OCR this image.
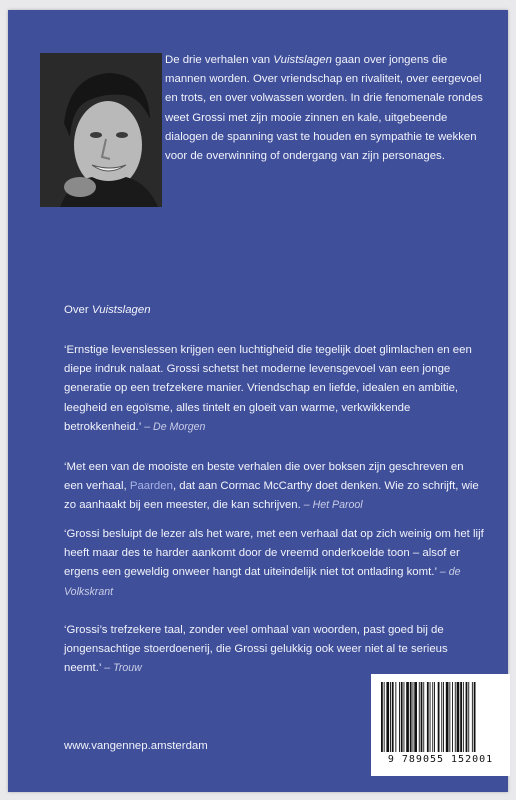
De drie verhalen van Vuistslagen gaan over jongens die mannen worden. Over vriendschap en rivaliteit, over eergevoel en trots, en over volwassen worden. In drie fenomenale rondes weet Grossi met zijn mooie zinnen en kale, uitgebeende dialogen de spanning vast te houden en sympathie te wekken voor de overwinning of ondergang van zijn personages.
Over Vuistslagen
‘Ernstige levenslessen krijgen een luchtigheid die tegelijk doet glimlachen en een diepe indruk nalaat. Grossi schetst het moderne levensgevoel van een jonge generatie op een trefzekere manier. Vriendschap en liefde, idealen en ambitie, leegheid en egoïsme, alles tintelt en gloeit van warme, verkwikkende betrokkenheid.’ – De Morgen
‘Met een van de mooiste en beste verhalen die over boksen zijn geschreven en een verhaal, Paarden, dat aan Cormac McCarthy doet denken. Wie zo schrijft, wie zo aanhaakt bij een meester, die kan schrijven. – Het Parool
‘Grossi besluipt de lezer als het ware, met een verhaal dat op zich weinig om het lijf heeft maar des te harder aankomt door de vreemd onderkoelde toon – alsof er ergens een geweldig onweer hangt dat uiteindelijk niet tot ontlading komt.’ – de Volkskrant
‘Grossi’s trefzekere taal, zonder veel omhaal van woorden, past goed bij de jongensachtige stoerdoenerij, die Grossi gelukkig ook weer niet al te serieus neemt.’ – Trouw
www.vangennep.amsterdam
9 789055 152001
